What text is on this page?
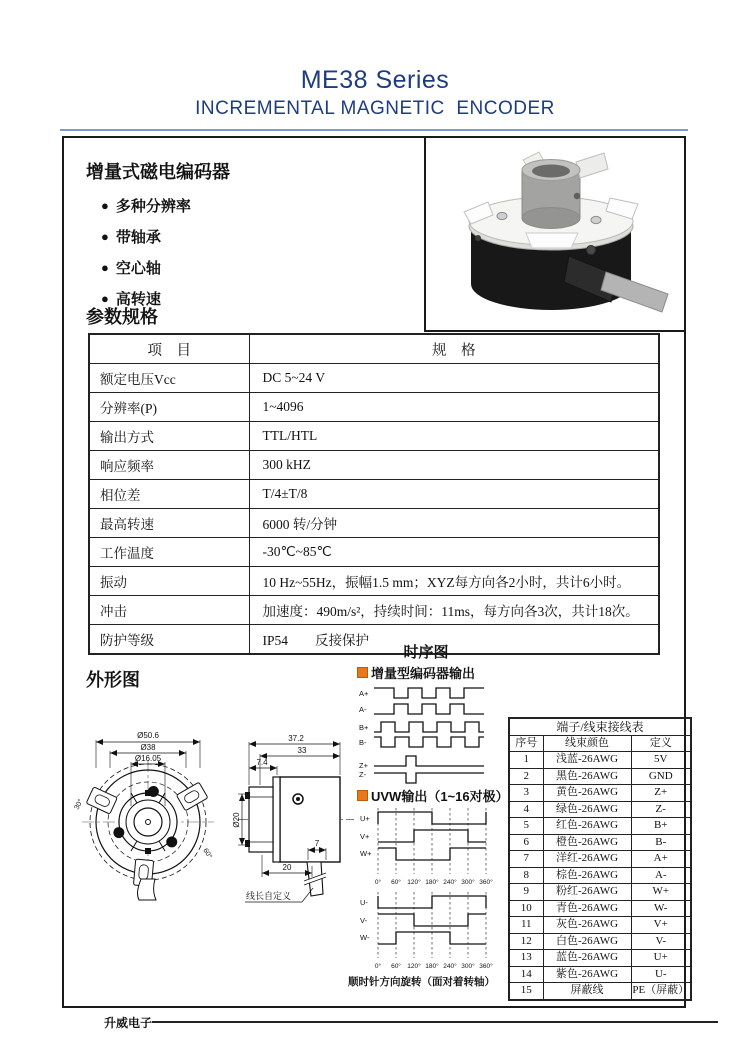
ME38 Series
INCREMENTAL MAGNETIC  ENCODER
增量式磁电编码器
● 多种分辨率
● 带轴承
● 空心轴
● 高转速
参数规格
项　目	规　格
额定电压Vcc	DC 5~24 V
分辨率(P)	1~4096
输出方式	TTL/HTL
响应频率	300 kHZ
相位差	T/4±T/8
最高转速	6000 转/分钟
工作温度	-30℃~85℃
振动	10 Hz~55Hz，振幅1.5 mm；XYZ每方向各2小时，共计6小时。
冲击	加速度：490m/s²，持续时间：11ms，每方向各3次，共计18次。
防护等级	IP54　　反接保护
外形图
Ø50.6
Ø38
Ø16.05
30°
60°
37.2
33
7.4
Ø20
7
20
线长自定义
时序图
增量型编码器输出
A+
A-
B+
B-
Z+
Z-
UVW输出（1~16对极）
U+
V+
W+
0° 60° 120° 180° 240° 300° 360°
U-
V-
W-
0° 60° 120° 180° 240° 300° 360°
顺时针方向旋转（面对着转轴）
端子/线束接线表		
序号	线束颜色	定义
1	浅蓝-26AWG	5V
2	黑色-26AWG	GND
3	黄色-26AWG	Z+
4	绿色-26AWG	Z-
5	红色-26AWG	B+
6	橙色-26AWG	B-
7	洋红-26AWG	A+
8	棕色-26AWG	A-
9	粉红-26AWG	W+
10	青色-26AWG	W-
11	灰色-26AWG	V+
12	白色-26AWG	V-
13	蓝色-26AWG	U+
14	紫色-26AWG	U-
15	屏蔽线	PE（屏蔽）
升威电子
